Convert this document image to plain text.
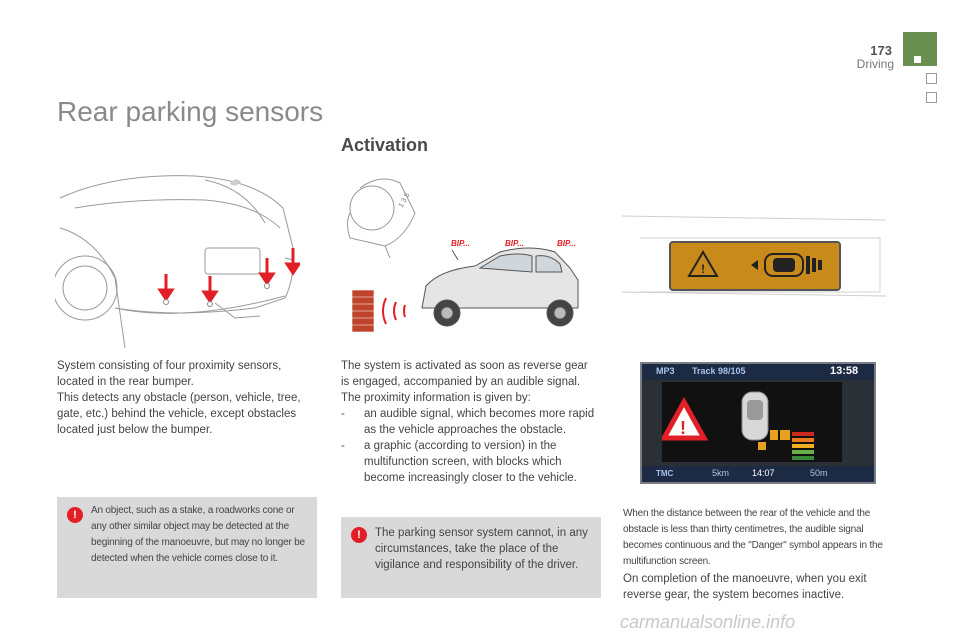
173
Driving
Rear parking sensors
Activation
System consisting of four proximity sensors, located in the rear bumper.
This detects any obstacle (person, vehicle, tree, gate, etc.) behind the vehicle, except obstacles located just below the bumper.
!	An object, such as a stake, a roadworks cone or any other similar object may be detected at the beginning of the manoeuvre, but may no longer be detected when the vehicle comes close to it.
1 3 5
BIP...	BIP...	BIP...
The system is activated as soon as reverse gear is engaged, accompanied by an audible signal. The proximity information is given by:
- an audible signal, which becomes more rapid as the vehicle approaches the obstacle.
- a graphic (according to version) in the multifunction screen, with blocks which become increasingly closer to the vehicle.
!	The parking sensor system cannot, in any circumstances, take the place of the vigilance and responsibility of the driver.
!
MP3 Track 98/105	13:58
!
TMC	5km	14:07	50m
When the distance between the rear of the vehicle and the obstacle is less than thirty centimetres, the audible signal becomes continuous and the "Danger" symbol appears in the multifunction screen.
On completion of the manoeuvre, when you exit reverse gear, the system becomes inactive.
carmanualsonline.info
